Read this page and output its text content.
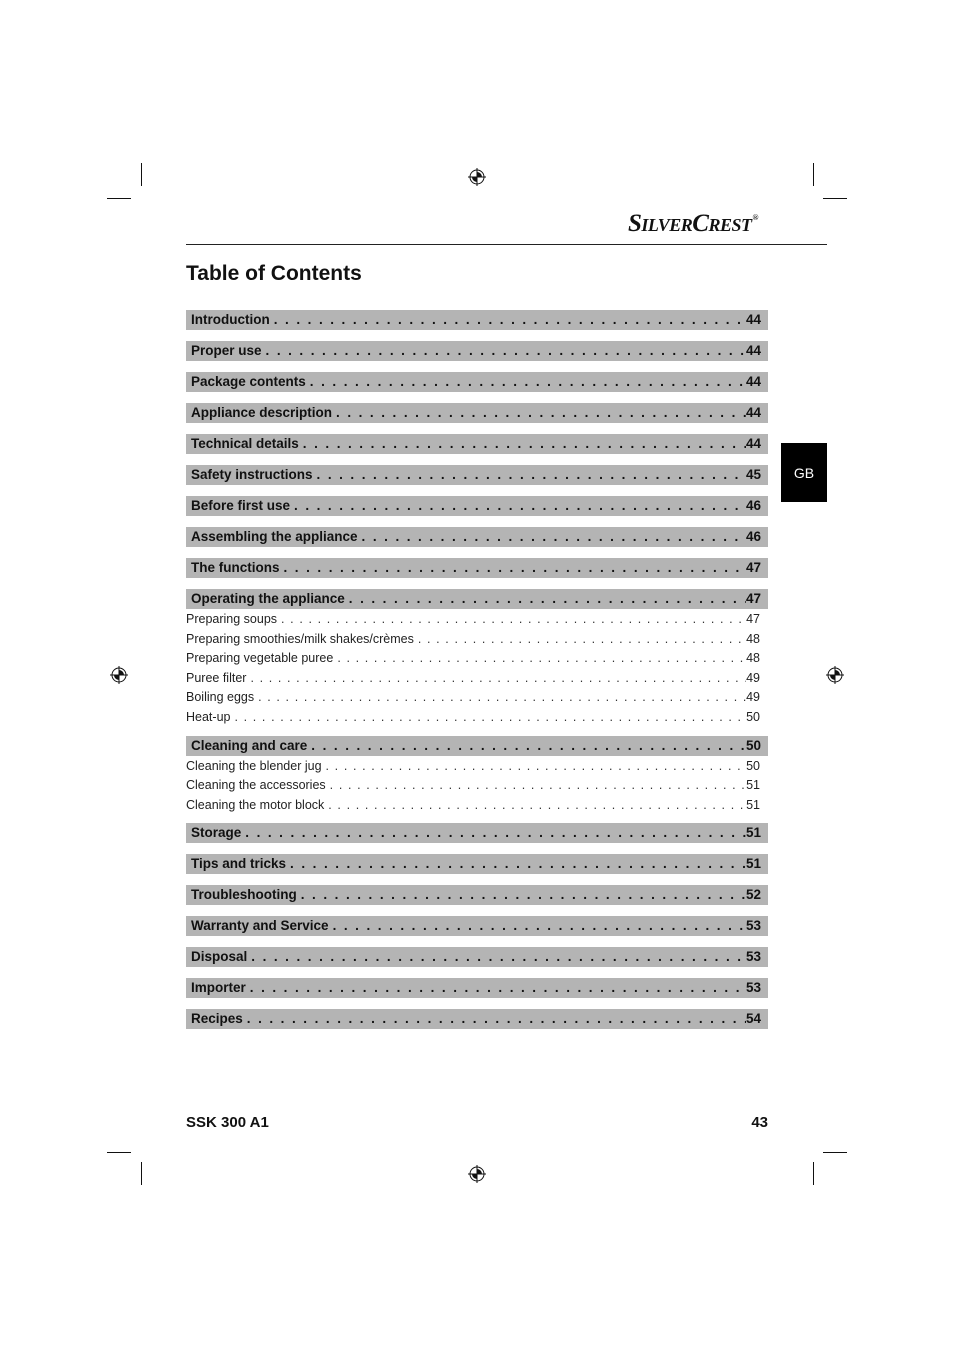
SILVERCREST®
Table of Contents
GB
Introduction . . .	44
Proper use . . .	44
Package contents . . .	44
Appliance description . . .	44
Technical details . . .	44
Safety instructions . . .	45
Before first use . . .	46
Assembling the appliance . . .	46
The functions . . .	47
Operating the appliance . . .	47
Preparing soups . . .	47
Preparing smoothies/milk shakes/crèmes . . .	48
Preparing vegetable puree . . .	48
Puree filter . . .	49
Boiling eggs . . .	49
Heat-up . . .	50
Cleaning and care . . .	50
Cleaning the blender jug . . .	50
Cleaning the accessories . . .	51
Cleaning the motor block . . .	51
Storage . . .	51
Tips and tricks . . .	51
Troubleshooting . . .	52
Warranty and Service . . .	53
Disposal . . .	53
Importer . . .	53
Recipes . . .	54
SSK 300 A1	43
